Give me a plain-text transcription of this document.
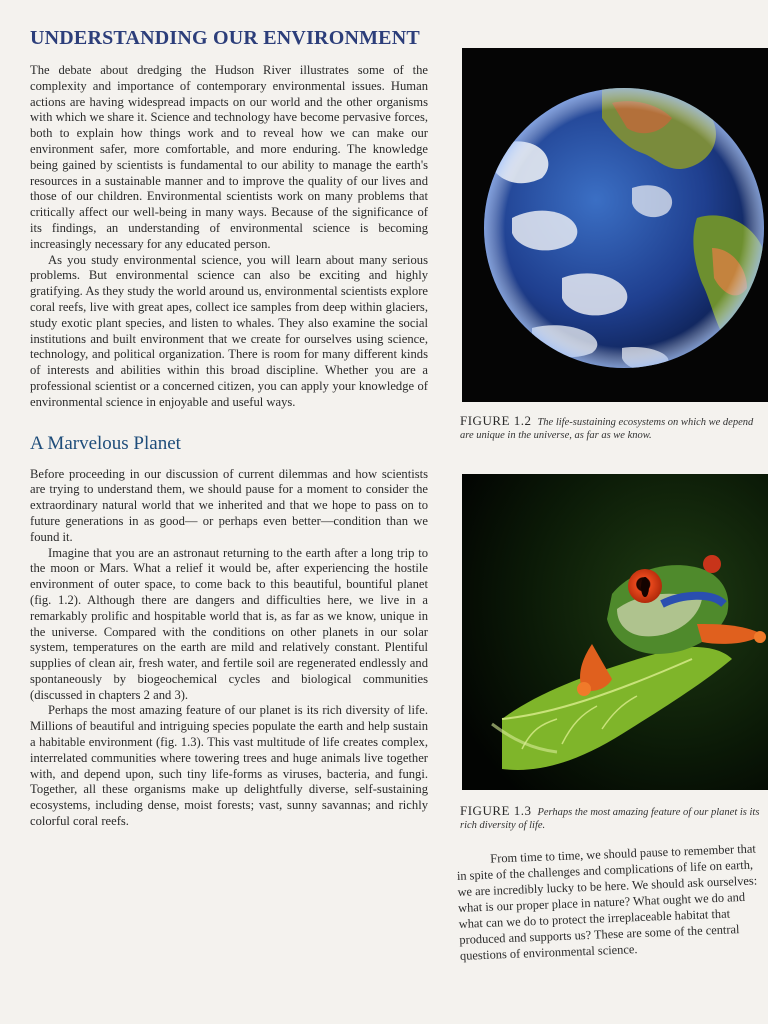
UNDERSTANDING OUR ENVIRONMENT

The debate about dredging the Hudson River illustrates some of the complexity and importance of contemporary environmental issues. Human actions are having widespread impacts on our world and the other organisms with which we share it. Science and technology have become pervasive forces, both to explain how things work and to reveal how we can make our environment safer, more comfortable, and more enduring. The knowledge being gained by scientists is fundamental to our ability to manage the earth's resources in a sustainable manner and to improve the quality of our lives and those of our children. Environmental scientists work on many problems that critically affect our well-being in many ways. Because of the significance of its findings, an understanding of environmental science is becoming increasingly necessary for any educated person.

As you study environmental science, you will learn about many serious problems. But environmental science can also be exciting and highly gratifying. As they study the world around us, environmental scientists explore coral reefs, live with great apes, collect ice samples from deep within glaciers, study exotic plant species, and listen to whales. They also examine the social institutions and built environment that we create for ourselves using science, technology, and political organization. There is room for many different kinds of interests and abilities within this broad discipline. Whether you are a professional scientist or a concerned citizen, you can apply your knowledge of environmental science in enjoyable and useful ways.

A Marvelous Planet

Before proceeding in our discussion of current dilemmas and how scientists are trying to understand them, we should pause for a moment to consider the extraordinary natural world that we inherited and that we hope to pass on to future generations in as good— or perhaps even better—condition than we found it.

Imagine that you are an astronaut returning to the earth after a long trip to the moon or Mars. What a relief it would be, after experiencing the hostile environment of outer space, to come back to this beautiful, bountiful planet (fig. 1.2). Although there are dangers and difficulties here, we live in a remarkably prolific and hospitable world that is, as far as we know, unique in the universe. Compared with the conditions on other planets in our solar system, temperatures on the earth are mild and relatively constant. Plentiful supplies of clean air, fresh water, and fertile soil are regenerated endlessly and spontaneously by biogeochemical cycles and biological communities (discussed in chapters 2 and 3).

Perhaps the most amazing feature of our planet is its rich diversity of life. Millions of beautiful and intriguing species populate the earth and help sustain a habitable environment (fig. 1.3). This vast multitude of life creates complex, interrelated communities where towering trees and huge animals live together with, and depend upon, such tiny life-forms as viruses, bacteria, and fungi. Together, all these organisms make up delightfully diverse, self-sustaining ecosystems, including dense, moist forests; vast, sunny savannas; and richly colorful coral reefs.

FIGURE 1.2 The life-sustaining ecosystems on which we depend are unique in the universe, as far as we know.
FIGURE 1.3 Perhaps the most amazing feature of our planet is its rich diversity of life.

From time to time, we should pause to remember that in spite of the challenges and complications of life on earth, we are incredibly lucky to be here. We should ask ourselves: what is our proper place in nature? What ought we do and what can we do to protect the irreplaceable habitat that produced and supports us? These are some of the central questions of environmental science.
